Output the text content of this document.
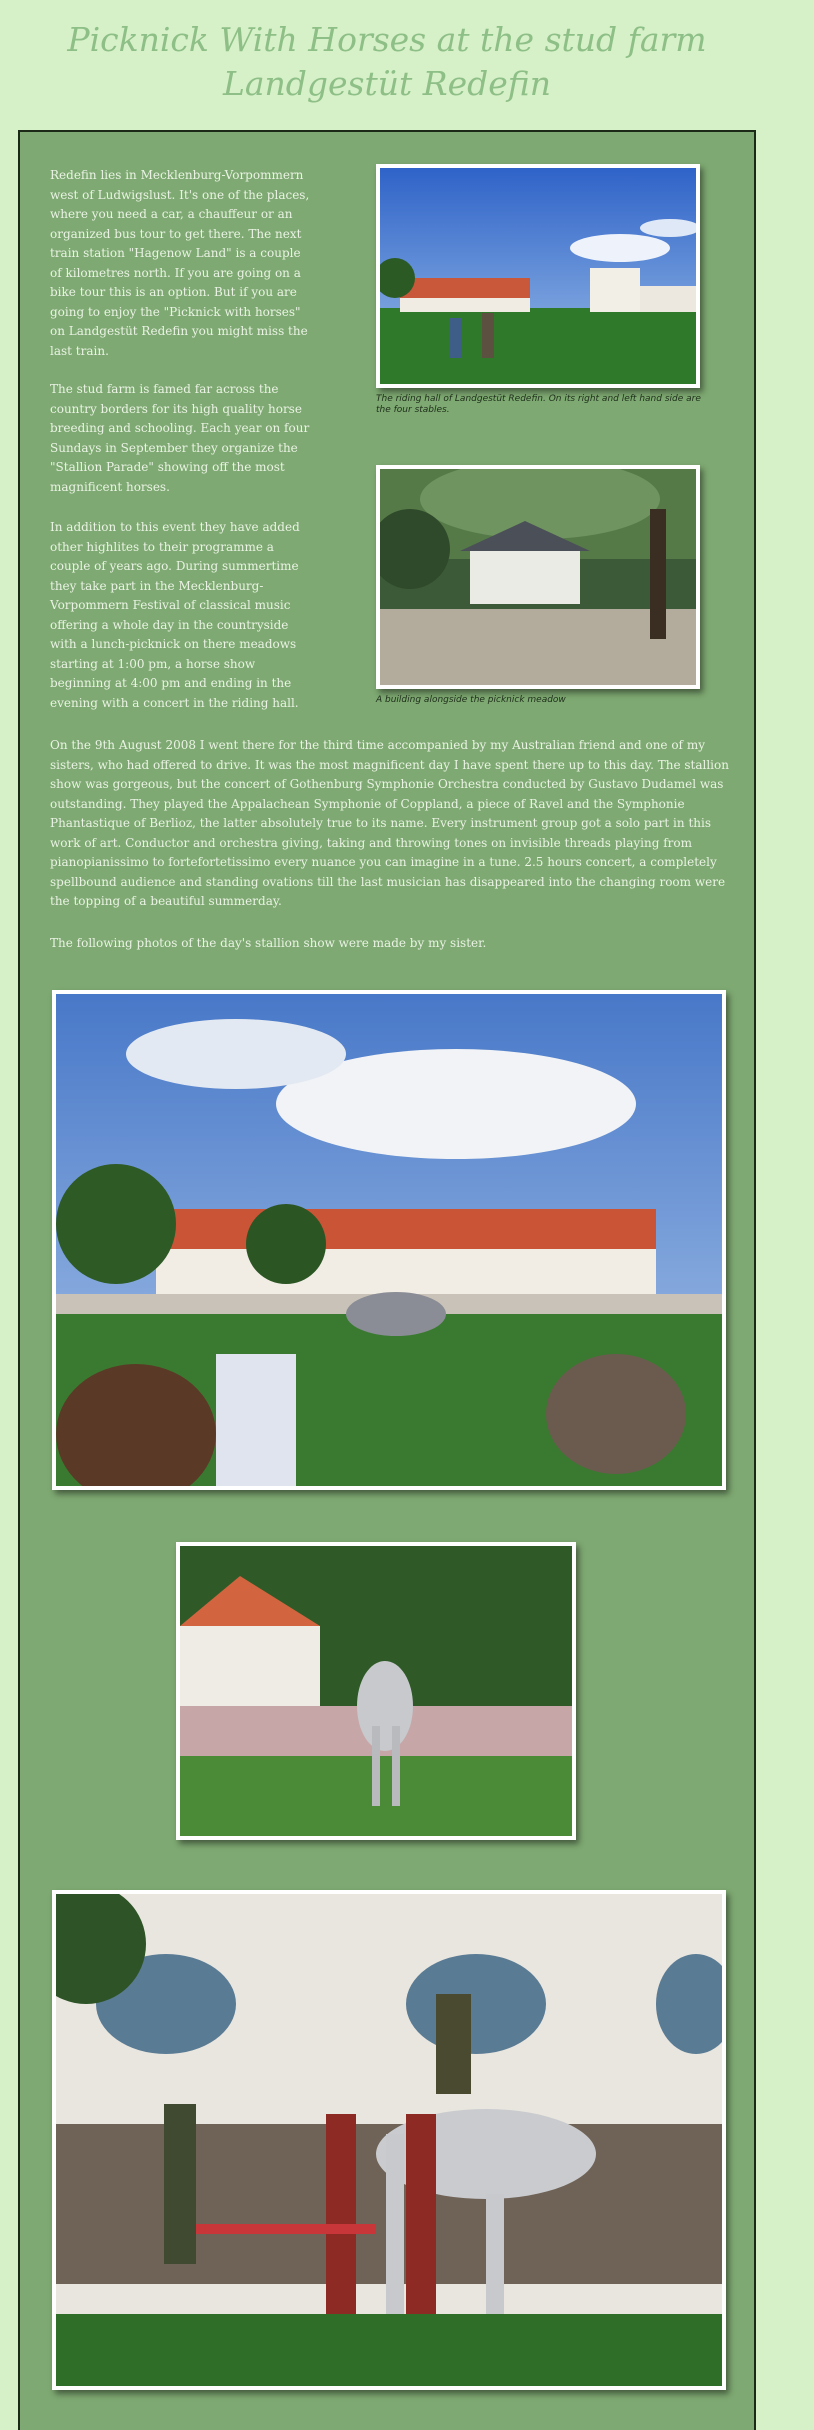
Picknick With Horses at the stud farm
Landgestüt Redefin

Redefin lies in Mecklenburg-Vorpommern west of Ludwigslust. It's one of the places, where you need a car, a chauffeur or an organized bus tour to get there. The next train station "Hagenow Land" is a couple of kilometres north. If you are going on a bike tour this is an option. But if you are going to enjoy the "Picknick with horses" on Landgestüt Redefin you might miss the last train.

The stud farm is famed far across the country borders for its high quality horse breeding and schooling. Each year on four Sundays in September they organize the "Stallion Parade" showing off the most magnificent horses.

In addition to this event they have added other highlites to their programme a couple of years ago. During summertime they take part in the Mecklenburg-Vorpommern Festival of classical music offering a whole day in the countryside with a lunch-picknick on there meadows starting at 1:00 pm, a horse show beginning at 4:00 pm and ending in the evening with a concert in the riding hall.

The riding hall of Landgestüt Redefin. On its right and left hand side are the four stables.
A building alongside the picknick meadow

On the 9th August 2008 I went there for the third time accompanied by my Australian friend and one of my sisters, who had offered to drive. It was the most magnificent day I have spent there up to this day. The stallion show was gorgeous, but the concert of Gothenburg Symphonie Orchestra conducted by Gustavo Dudamel was outstanding. They played the Appalachean Symphonie of Coppland, a piece of Ravel and the Symphonie Phantastique of Berlioz, the latter absolutely true to its name. Every instrument group got a solo part in this work of art. Conductor and orchestra giving, taking and throwing tones on invisible threads playing from pianopianissimo to fortefortetissimo every nuance you can imagine in a tune. 2.5 hours concert, a completely spellbound audience and standing ovations till the last musician has disappeared into the changing room were the topping of a beautiful summerday.

The following photos of the day's stallion show were made by my sister.
